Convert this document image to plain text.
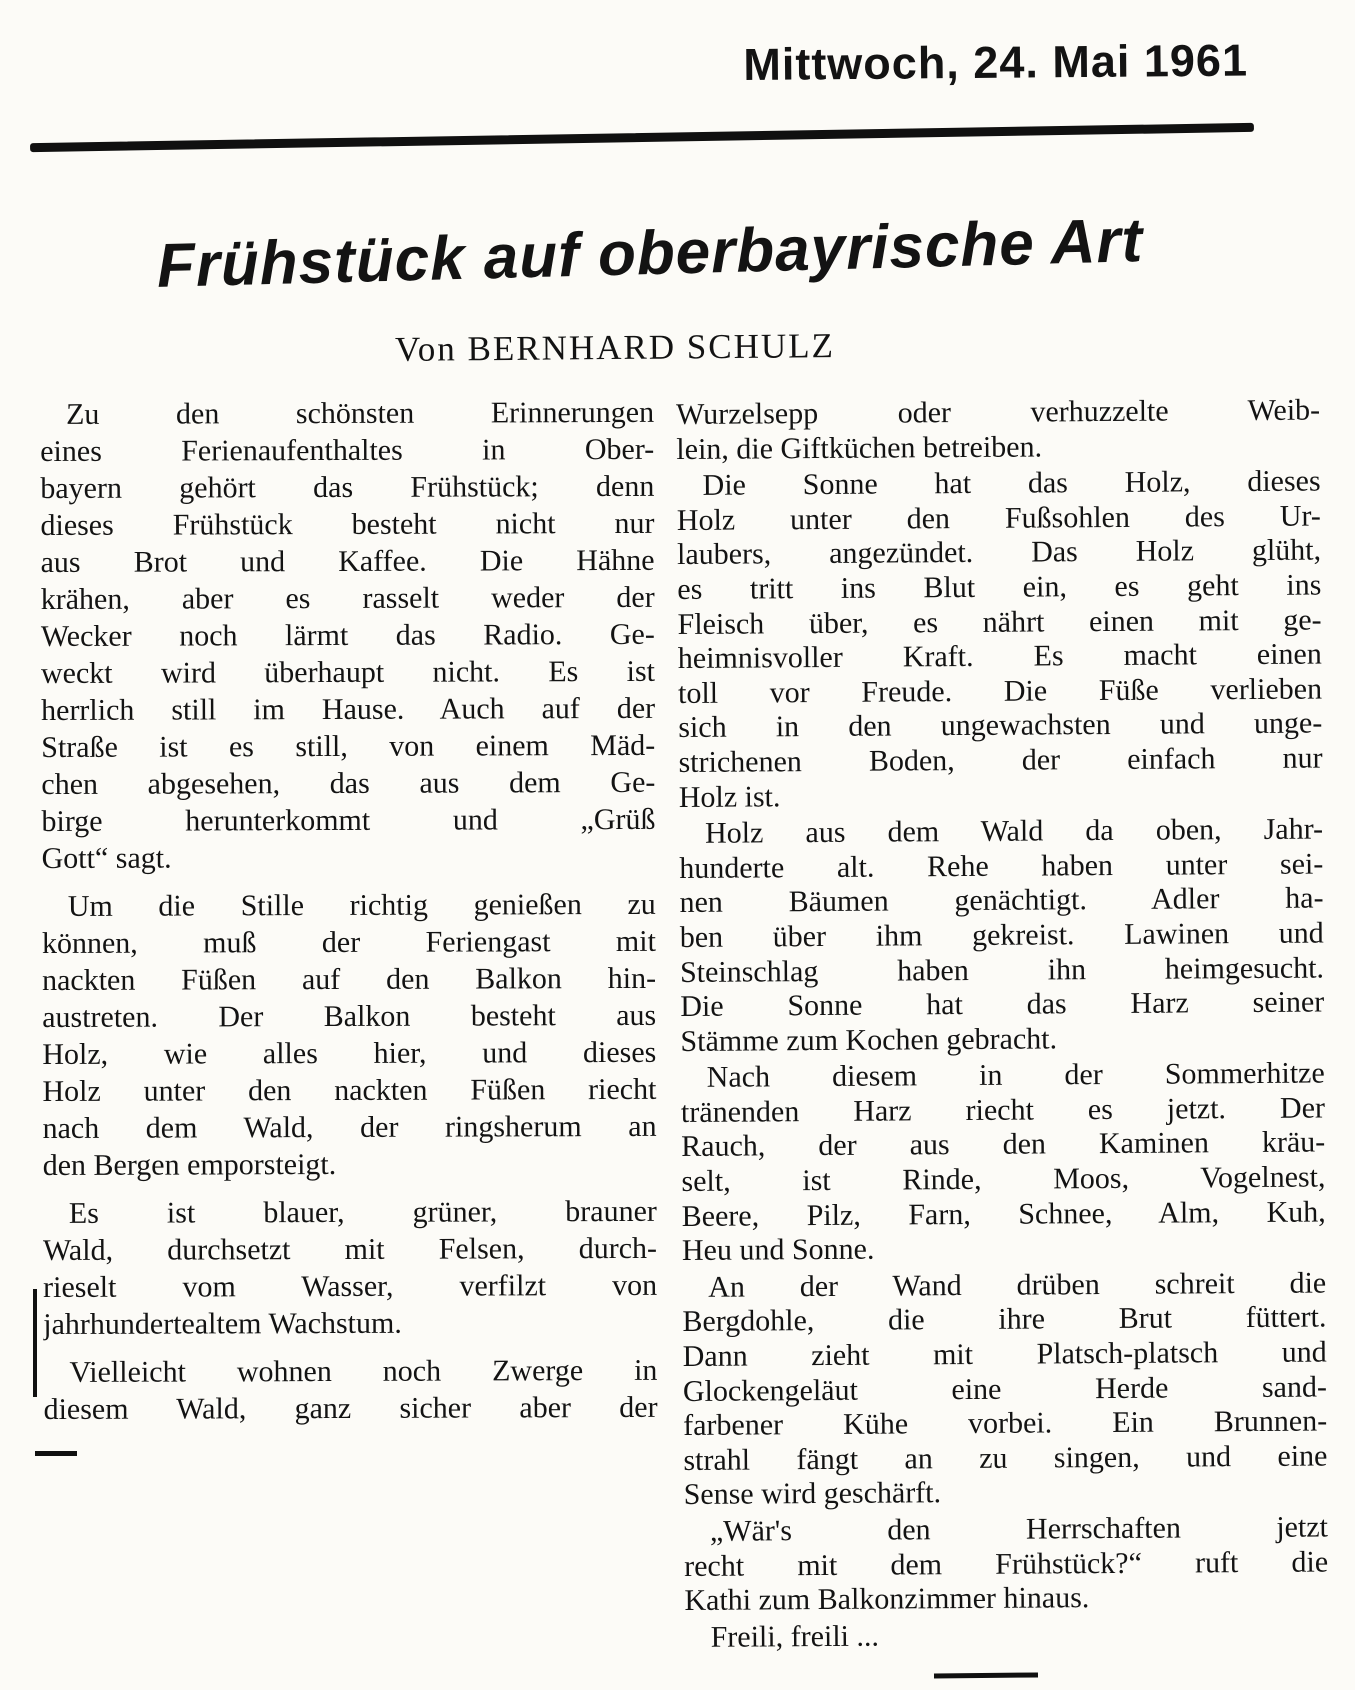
Mittwoch, 24. Mai 1961
Frühstück auf oberbayrische Art
Von BERNHARD SCHULZ
Zu den schönsten Erinnerungen
eines Ferienaufenthaltes in Ober-
bayern gehört das Frühstück; denn
dieses Frühstück besteht nicht nur
aus Brot und Kaffee. Die Hähne
krähen, aber es rasselt weder der
Wecker noch lärmt das Radio. Ge-
weckt wird überhaupt nicht. Es ist
herrlich still im Hause. Auch auf der
Straße ist es still, von einem Mäd-
chen abgesehen, das aus dem Ge-
birge herunterkommt und „Grüß
Gott“ sagt.
Um die Stille richtig genießen zu
können, muß der Feriengast mit
nackten Füßen auf den Balkon hin-
austreten. Der Balkon besteht aus
Holz, wie alles hier, und dieses
Holz unter den nackten Füßen riecht
nach dem Wald, der ringsherum an
den Bergen emporsteigt.
Es ist blauer, grüner, brauner
Wald, durchsetzt mit Felsen, durch-
rieselt vom Wasser, verfilzt von
jahrhundertealtem Wachstum.
Vielleicht wohnen noch Zwerge in
diesem Wald, ganz sicher aber der
Wurzelsepp oder verhuzzelte Weib-
lein, die Giftküchen betreiben.
Die Sonne hat das Holz, dieses
Holz unter den Fußsohlen des Ur-
laubers, angezündet. Das Holz glüht,
es tritt ins Blut ein, es geht ins
Fleisch über, es nährt einen mit ge-
heimnisvoller Kraft. Es macht einen
toll vor Freude. Die Füße verlieben
sich in den ungewachsten und unge-
strichenen Boden, der einfach nur
Holz ist.
Holz aus dem Wald da oben, Jahr-
hunderte alt. Rehe haben unter sei-
nen Bäumen genächtigt. Adler ha-
ben über ihm gekreist. Lawinen und
Steinschlag haben ihn heimgesucht.
Die Sonne hat das Harz seiner
Stämme zum Kochen gebracht.
Nach diesem in der Sommerhitze
tränenden Harz riecht es jetzt. Der
Rauch, der aus den Kaminen kräu-
selt, ist Rinde, Moos, Vogelnest,
Beere, Pilz, Farn, Schnee, Alm, Kuh,
Heu und Sonne.
An der Wand drüben schreit die
Bergdohle, die ihre Brut füttert.
Dann zieht mit Platsch-platsch und
Glockengeläut eine Herde sand-
farbener Kühe vorbei. Ein Brunnen-
strahl fängt an zu singen, und eine
Sense wird geschärft.
„Wär's den Herrschaften jetzt
recht mit dem Frühstück?“ ruft die
Kathi zum Balkonzimmer hinaus.
Freili, freili ...
